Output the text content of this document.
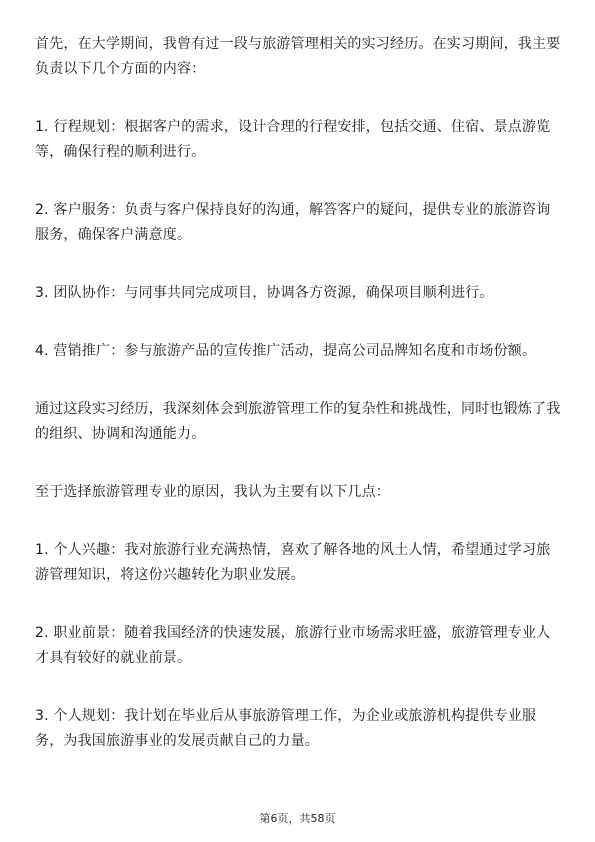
首先，在大学期间，我曾有过一段与旅游管理相关的实习经历。在实习期间，我主要负责以下几个方面的内容：

1. 行程规划：根据客户的需求，设计合理的行程安排，包括交通、住宿、景点游览等，确保行程的顺利进行。

2. 客户服务：负责与客户保持良好的沟通，解答客户的疑问，提供专业的旅游咨询服务，确保客户满意度。

3. 团队协作：与同事共同完成项目，协调各方资源，确保项目顺利进行。

4. 营销推广：参与旅游产品的宣传推广活动，提高公司品牌知名度和市场份额。

通过这段实习经历，我深刻体会到旅游管理工作的复杂性和挑战性，同时也锻炼了我的组织、协调和沟通能力。

至于选择旅游管理专业的原因，我认为主要有以下几点：

1. 个人兴趣：我对旅游行业充满热情，喜欢了解各地的风土人情，希望通过学习旅游管理知识，将这份兴趣转化为职业发展。

2. 职业前景：随着我国经济的快速发展，旅游行业市场需求旺盛，旅游管理专业人才具有较好的就业前景。

3. 个人规划：我计划在毕业后从事旅游管理工作，为企业或旅游机构提供专业服务，为我国旅游事业的发展贡献自己的力量。

第6页，共58页
